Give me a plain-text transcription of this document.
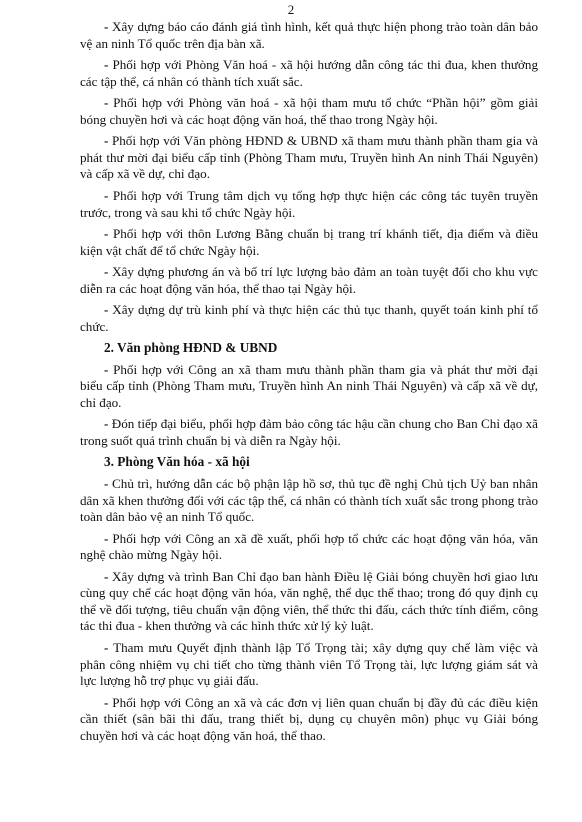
2
- Xây dựng báo cáo đánh giá tình hình, kết quả thực hiện phong trào toàn dân bảo vệ an ninh Tổ quốc trên địa bàn xã.
- Phối hợp với Phòng Văn hoá - xã hội hướng dẫn công tác thi đua, khen thưởng các tập thể, cá nhân có thành tích xuất sắc.
- Phối hợp với Phòng văn hoá - xã hội tham mưu tổ chức “Phần hội” gồm giải bóng chuyền hơi và các hoạt động văn hoá, thể thao trong Ngày hội.
- Phối hợp với Văn phòng HĐND & UBND xã tham mưu thành phần tham gia và phát thư mời đại biểu cấp tỉnh (Phòng Tham mưu, Truyền hình An ninh Thái Nguyên) và cấp xã về dự, chỉ đạo.
- Phối hợp với Trung tâm dịch vụ tổng hợp thực hiện các công tác tuyên truyền trước, trong và sau khi tổ chức Ngày hội.
- Phối hợp với thôn Lương Bằng chuẩn bị trang trí khánh tiết, địa điểm và điều kiện vật chất để tổ chức Ngày hội.
- Xây dựng phương án và bố trí lực lượng bảo đảm an toàn tuyệt đối cho khu vực diễn ra các hoạt động văn hóa, thể thao tại Ngày hội.
- Xây dựng dự trù kinh phí và thực hiện các thủ tục thanh, quyết toán kinh phí tổ chức.
2. Văn phòng HĐND & UBND
- Phối hợp với Công an xã tham mưu thành phần tham gia và phát thư mời đại biểu cấp tỉnh (Phòng Tham mưu, Truyền hình An ninh Thái Nguyên) và cấp xã về dự, chỉ đạo.
- Đón tiếp đại biểu, phối hợp đảm bảo công tác hậu cần chung cho Ban Chỉ đạo xã trong suốt quá trình chuẩn bị và diễn ra Ngày hội.
3. Phòng Văn hóa - xã hội
- Chủ trì, hướng dẫn các bộ phận lập hồ sơ, thủ tục đề nghị Chủ tịch Uỷ ban nhân dân xã khen thưởng đối với các tập thể, cá nhân có thành tích xuất sắc trong phong trào toàn dân bảo vệ an ninh Tổ quốc.
- Phối hợp với Công an xã đề xuất, phối hợp tổ chức các hoạt động văn hóa, văn nghệ chào mừng Ngày hội.
- Xây dựng và trình Ban Chỉ đạo ban hành Điều lệ Giải bóng chuyền hơi giao lưu cùng quy chế các hoạt động văn hóa, văn nghệ, thể dục thể thao; trong đó quy định cụ thể về đối tượng, tiêu chuẩn vận động viên, thể thức thi đấu, cách thức tính điểm, công tác thi đua - khen thưởng và các hình thức xử lý kỷ luật.
- Tham mưu Quyết định thành lập Tổ Trọng tài; xây dựng quy chế làm việc và phân công nhiệm vụ chi tiết cho từng thành viên Tổ Trọng tài, lực lượng giám sát và lực lượng hỗ trợ phục vụ giải đấu.
- Phối hợp với Công an xã và các đơn vị liên quan chuẩn bị đầy đủ các điều kiện cần thiết (sân bãi thi đấu, trang thiết bị, dụng cụ chuyên môn) phục vụ Giải bóng chuyền hơi và các hoạt động văn hoá, thể thao.
